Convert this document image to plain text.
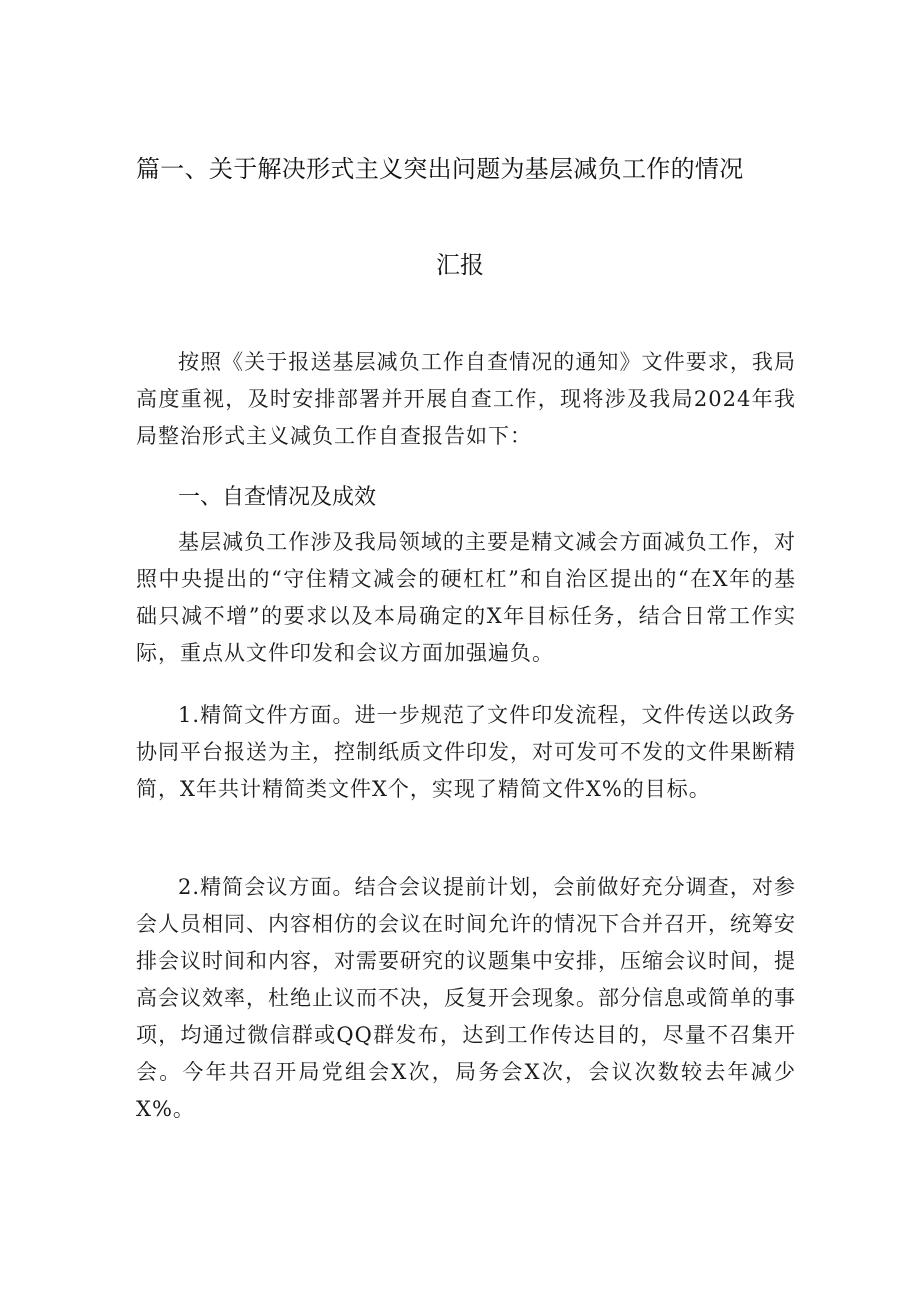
篇一、关于解决形式主义突出问题为基层减负工作的情况
汇报

按照《关于报送基层减负工作自查情况的通知》文件要求，我局高度重视，及时安排部署并开展自查工作，现将涉及我局2024年我局整治形式主义减负工作自查报告如下：

一、自查情况及成效

基层减负工作涉及我局领域的主要是精文减会方面减负工作，对照中央提出的“守住精文减会的硬杠杠”和自治区提出的“在X年的基础只减不增”的要求以及本局确定的X年目标任务，结合日常工作实际，重点从文件印发和会议方面加强遍负。

1.精简文件方面。进一步规范了文件印发流程，文件传送以政务协同平台报送为主，控制纸质文件印发，对可发可不发的文件果断精简，X年共计精简类文件X个，实现了精简文件X%的目标。

2.精简会议方面。结合会议提前计划，会前做好充分调查，对参会人员相同、内容相仿的会议在时间允许的情况下合并召开，统筹安排会议时间和内容，对需要研究的议题集中安排，压缩会议时间，提高会议效率，杜绝止议而不决，反复开会现象。部分信息或简单的事项，均通过微信群或QQ群发布，达到工作传达目的，尽量不召集开会。今年共召开局党组会X次，局务会X次，会议次数较去年减少X%。
